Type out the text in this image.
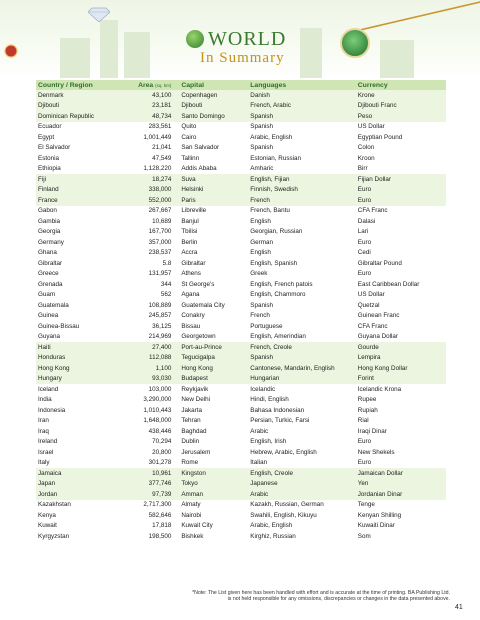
WORLD
In Summary
Country / Region	Area (sq. km)	Capital	Languages	Currency
Denmark	43,100	Copenhagen	Danish	Krone
Djibouti	23,181	Djibouti	French, Arabic	Djibouti Franc
Dominican Republic	48,734	Santo Domingo	Spanish	Peso
Ecuador	283,561	Quito	Spanish	US Dollar
Egypt	1,001,449	Cairo	Arabic, English	Egyptian Pound
El Salvador	21,041	San Salvador	Spanish	Colon
Estonia	47,549	Tallinn	Estonian, Russian	Kroon
Ethiopia	1,128,220	Addis Ababa	Amharic	Birr
Fiji	18,274	Suva	English, Fijian	Fijian Dollar
Finland	338,000	Helsinki	Finnish, Swedish	Euro
France	552,000	Paris	French	Euro
Gabon	267,667	Libreville	French, Bantu	CFA Franc
Gambia	10,689	Banjul	English	Dalasi
Georgia	167,700	Tbilisi	Georgian, Russian	Lari
Germany	357,000	Berlin	German	Euro
Ghana	238,537	Accra	English	Cedi
Gibraltar	5.8	Gibraltar	English, Spanish	Gibraltar Pound
Greece	131,957	Athens	Greek	Euro
Grenada	344	St George's	English, French patois	East Caribbean Dollar
Guam	562	Agana	English, Chammoro	US Dollar
Guatemala	108,889	Guatemala City	Spanish	Quetzal
Guinea	245,857	Conakry	French	Guinean Franc
Guinea-Bissau	36,125	Bissau	Portuguese	CFA Franc
Guyana	214,969	Georgetown	English, Amerindian	Guyana Dollar
Haiti	27,400	Port-au-Prince	French, Creole	Gourde
Honduras	112,088	Tegucigalpa	Spanish	Lempira
Hong Kong	1,100	Hong Kong	Cantonese, Mandarin, English	Hong Kong Dollar
Hungary	93,030	Budapest	Hungarian	Forint
Iceland	103,000	Reykjavik	Icelandic	Icelandic Krona
India	3,290,000	New Delhi	Hindi, English	Rupee
Indonesia	1,010,443	Jakarta	Bahasa Indonesian	Rupiah
Iran	1,648,000	Tehran	Persian, Turkic, Farsi	Rial
Iraq	438,446	Baghdad	Arabic	Iraqi Dinar
Ireland	70,294	Dublin	English, Irish	Euro
Israel	20,800	Jerusalem	Hebrew, Arabic, English	New Shekels
Italy	301,278	Rome	Italian	Euro
Jamaica	10,961	Kingston	English, Creole	Jamaican Dollar
Japan	377,746	Tokyo	Japanese	Yen
Jordan	97,739	Amman	Arabic	Jordanian Dinar
Kazakhstan	2,717,300	Almaty	Kazakh, Russian, German	Tenge
Kenya	582,646	Nairobi	Swahili, English, Kikuyu	Kenyan Shilling
Kuwait	17,818	Kuwait City	Arabic, English	Kuwaiti Dinar
Kyrgyzstan	198,500	Bishkek	Kirghiz, Russian	Som
*Note: The List given here has been handled with effort and is accurate at the time of printing. BA Publishing Ltd.
is not held responsible for any omissions, discrepancies or changes in the data presented above.
41
